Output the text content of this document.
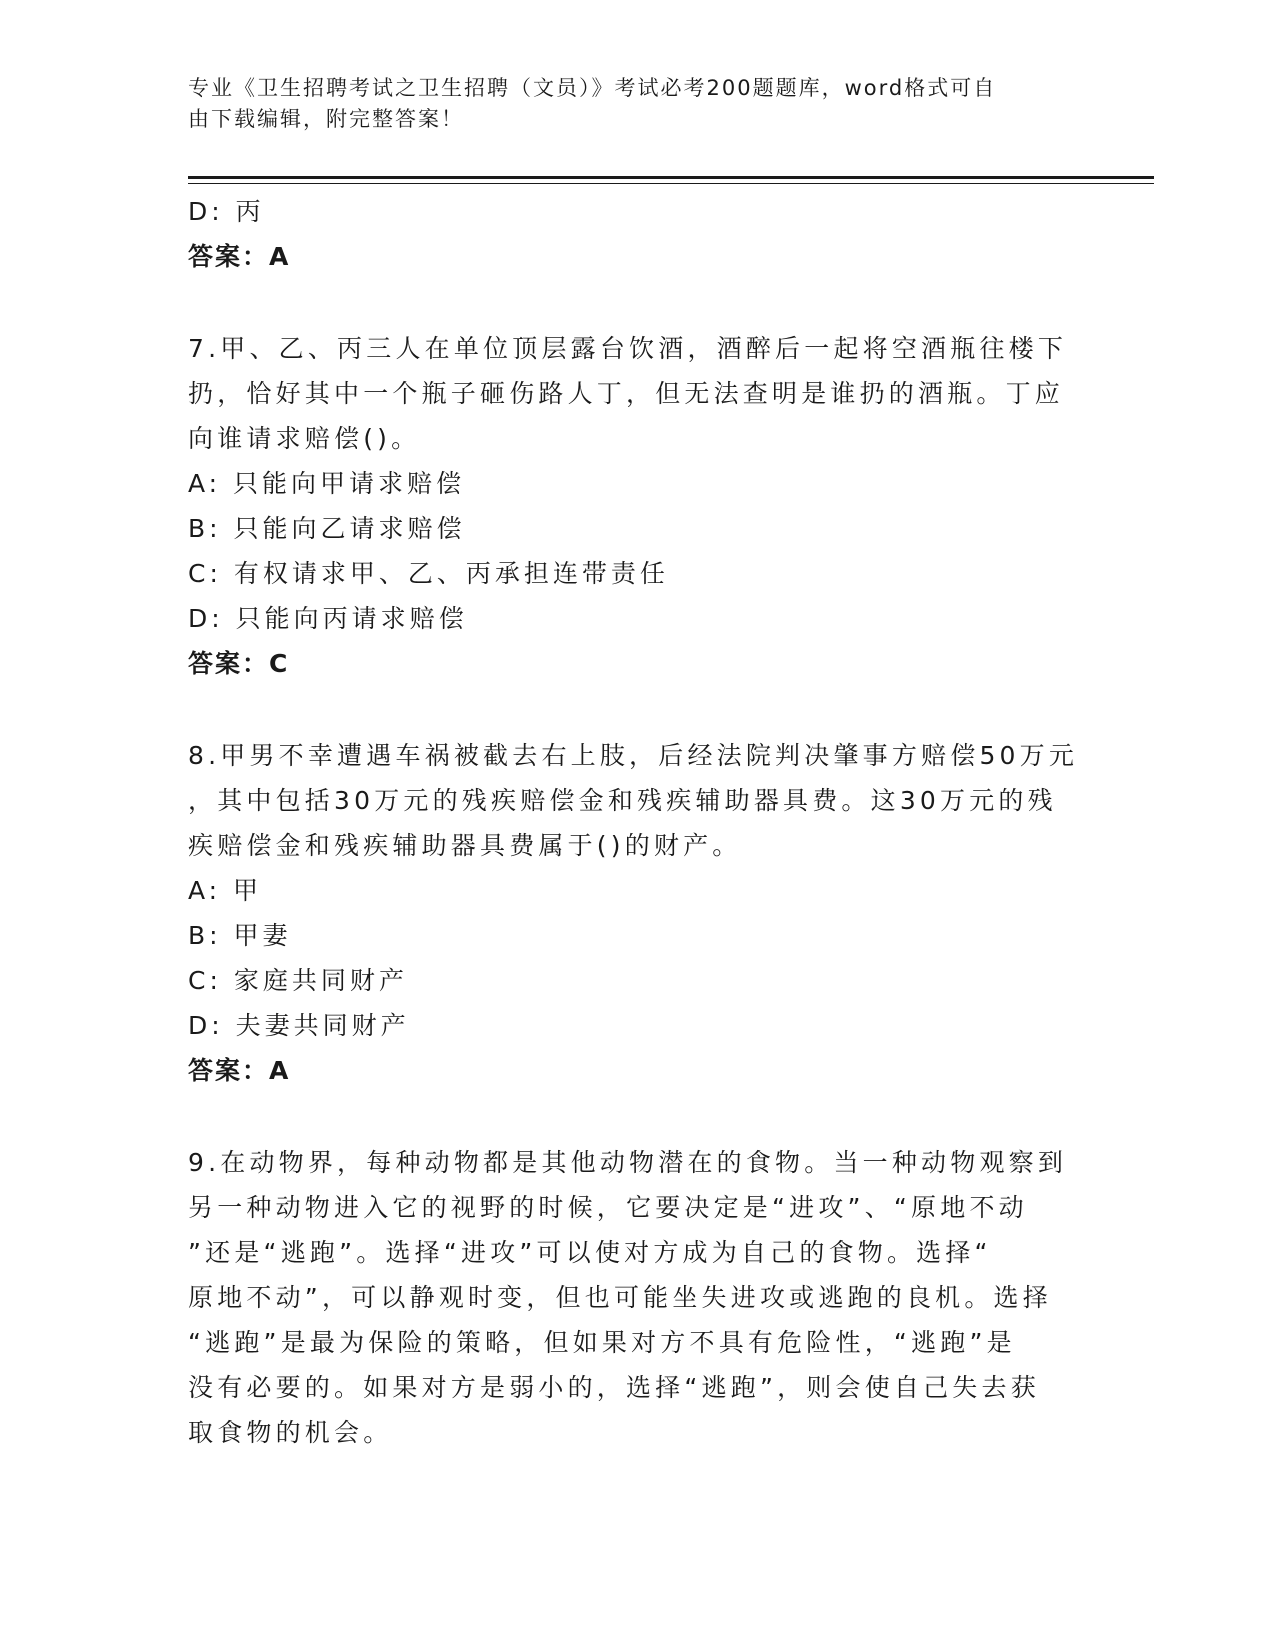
专业《卫生招聘考试之卫生招聘（文员）》考试必考200题题库，word格式可自
由下载编辑，附完整答案！
D: 丙
答案：A
7.甲、乙、丙三人在单位顶层露台饮酒，酒醉后一起将空酒瓶往楼下
扔，恰好其中一个瓶子砸伤路人丁，但无法查明是谁扔的酒瓶。丁应
向谁请求赔偿()。
A: 只能向甲请求赔偿
B: 只能向乙请求赔偿
C: 有权请求甲、乙、丙承担连带责任
D: 只能向丙请求赔偿
答案：C
8.甲男不幸遭遇车祸被截去右上肢，后经法院判决肇事方赔偿50万元
，其中包括30万元的残疾赔偿金和残疾辅助器具费。这30万元的残
疾赔偿金和残疾辅助器具费属于()的财产。
A: 甲
B: 甲妻
C: 家庭共同财产
D: 夫妻共同财产
答案：A
9.在动物界，每种动物都是其他动物潜在的食物。当一种动物观察到
另一种动物进入它的视野的时候，它要决定是“进攻”、“原地不动
”还是“逃跑”。选择“进攻”可以使对方成为自己的食物。选择“
原地不动”，可以静观时变，但也可能坐失进攻或逃跑的良机。选择
“逃跑”是最为保险的策略，但如果对方不具有危险性，“逃跑”是
没有必要的。如果对方是弱小的，选择“逃跑”，则会使自己失去获
取食物的机会。
